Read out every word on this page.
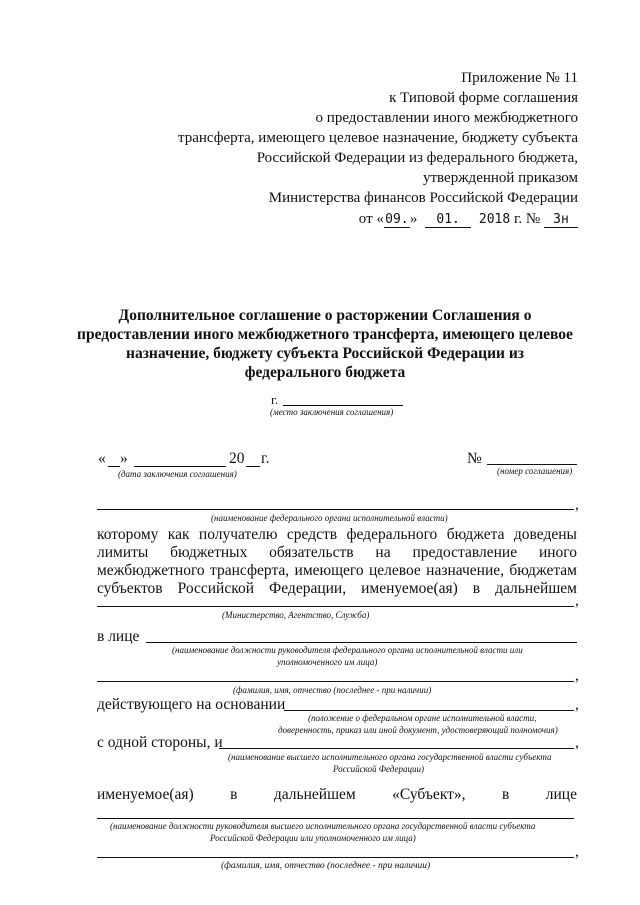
Приложение № 11
к Типовой форме соглашения
о предоставлении иного межбюджетного
трансферта, имеющего целевое назначение, бюджету субъекта
Российской Федерации из федерального бюджета,
утвержденной приказом
Министерства финансов Российской Федерации
от «09.» 01. 2018 г. № 3н
Дополнительное соглашение о расторжении Соглашения о
предоставлении иного межбюджетного трансферта, имеющего целевое
назначение, бюджету субъекта Российской Федерации из
федерального бюджета
г.
(место заключения соглашения)
« »	20 г.
(дата заключения соглашения)
№
(номер соглашения)
,
(наименование федерального органа исполнительной власти)
которому как получателю средств федерального бюджета доведены
лимиты бюджетных обязательств на предоставление иного
межбюджетного трансферта, имеющего целевое назначение, бюджетам
субъектов Российской Федерации, именуемое(ая) в дальнейшем
,
(Министерство, Агентство, Служба)
в лице
(наименование должности руководителя федерального органа исполнительной власти или
уполномоченного им лица)
,
(фамилия, имя, отчество (последнее - при наличии)
действующего на основании	,
(положение о федеральном органе исполнительной власти,
доверенность, приказ или иной документ, удостоверяющий полномочия)
с одной стороны, и	,
(наименование высшего исполнительного органа государственной власти субъекта
Российской Федерации)
именуемое(ая) в дальнейшем «Субъект», в лице
(наименование должности руководителя высшего исполнительного органа государственной власти субъекта
Российской Федерации или уполномоченного им лица)
,
(фамилия, имя, отчество (последнее - при наличии)
